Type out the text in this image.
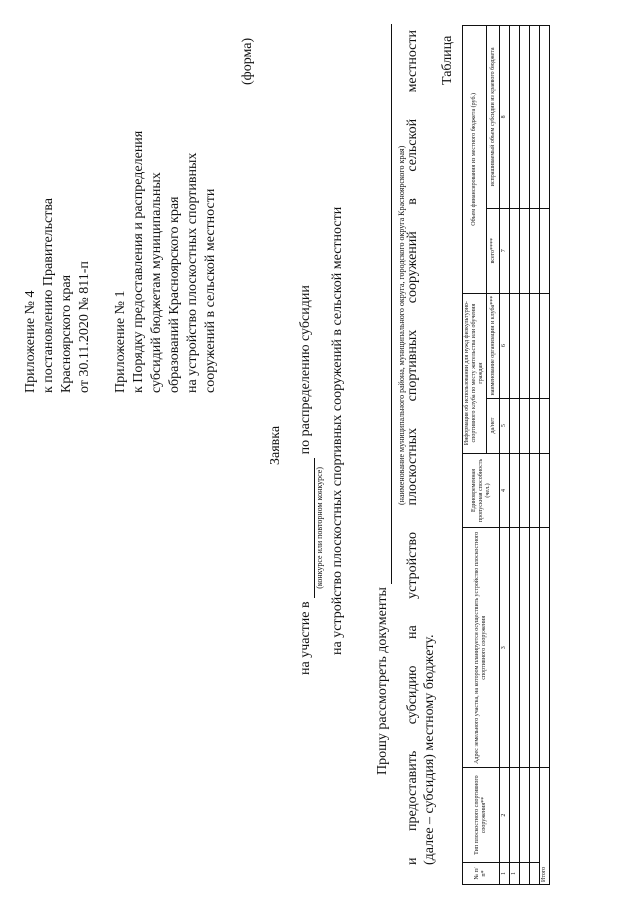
Приложение № 4 к постановлению Правительства Красноярского края от 30.11.2020 № 811-п
Приложение № 1 к Порядку предоставления и распределения субсидий бюджетам муниципальных образований Красноярского края на устройство плоскостных спортивных сооружений в сельской местности
(форма)
Заявка
на участие в
(конкурсе или повторном конкурсе)
по распределению субсидии на устройство плоскостных спортивных сооружений в сельской местности
Прошу рассмотреть документы
(наименование муниципального района, муниципального округа, городского округа Красноярского края) и предоставить субсидию на устройство плоскостных спортивных сооружений в сельской местности (далее – субсидия) местному бюджету.
Таблица
№ п/п*	Тип плоскостного спортивного сооружения**	Адрес земельного участка, на котором планируется осуществить устройство плоскостного спортивного сооружения	Единовременная пропускная способность (чел.)	Информация об использовании для нужд физкультурно-спортивного клуба по месту жительства или обучения граждан		Объем финансирования из местного бюджета (руб.)	
				да/нет	наименование организации и клуба***	всего****	испрашиваемый объем субсидии из краевого бюджета
1	2	3	4	5	6	7	8
1							

Итого							
